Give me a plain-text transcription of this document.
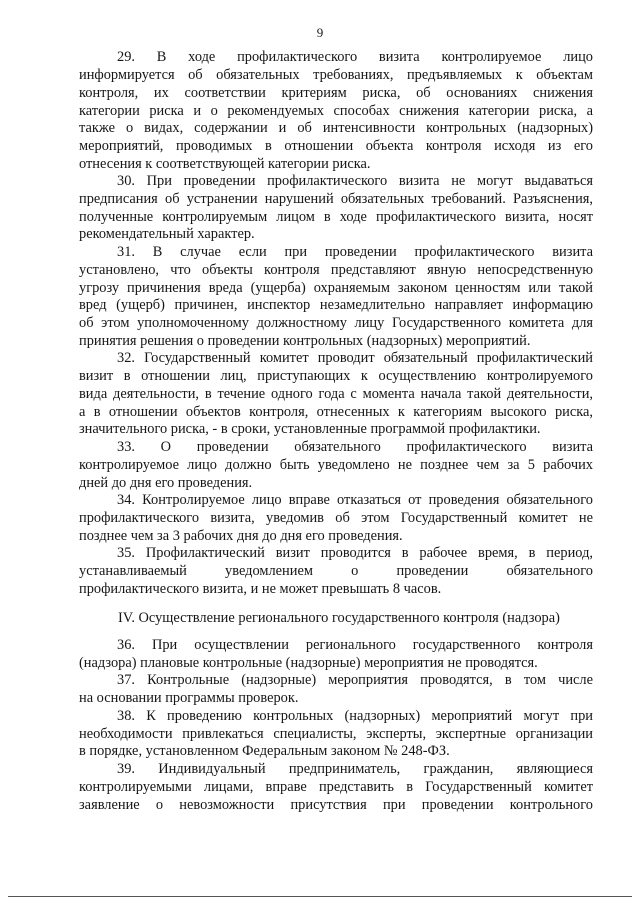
9
29. В ходе профилактического визита контролируемое лицо
информируется об обязательных требованиях, предъявляемых к объектам
контроля, их соответствии критериям риска, об основаниях снижения
категории риска и о рекомендуемых способах снижения категории риска, а
также о видах, содержании и об интенсивности контрольных (надзорных)
мероприятий, проводимых в отношении объекта контроля исходя из его
отнесения к соответствующей категории риска.
30. При проведении профилактического визита не могут выдаваться
предписания об устранении нарушений обязательных требований. Разъяснения,
полученные контролируемым лицом в ходе профилактического визита, носят
рекомендательный характер.
31. В случае если при проведении профилактического визита
установлено, что объекты контроля представляют явную непосредственную
угрозу причинения вреда (ущерба) охраняемым законом ценностям или такой
вред (ущерб) причинен, инспектор незамедлительно направляет информацию
об этом уполномоченному должностному лицу Государственного комитета для
принятия решения о проведении контрольных (надзорных) мероприятий.
32. Государственный комитет проводит обязательный профилактический
визит в отношении лиц, приступающих к осуществлению контролируемого
вида деятельности, в течение одного года с момента начала такой деятельности,
а в отношении объектов контроля, отнесенных к категориям высокого риска,
значительного риска, - в сроки, установленные программой профилактики.
33. О проведении обязательного профилактического визита
контролируемое лицо должно быть уведомлено не позднее чем за 5 рабочих
дней до дня его проведения.
34. Контролируемое лицо вправе отказаться от проведения обязательного
профилактического визита, уведомив об этом Государственный комитет не
позднее чем за 3 рабочих дня до дня его проведения.
35. Профилактический визит проводится в рабочее время, в период,
устанавливаемый уведомлением о проведении обязательного
профилактического визита, и не может превышать 8 часов.
36. При осуществлении регионального государственного контроля
(надзора) плановые контрольные (надзорные) мероприятия не проводятся.
37. Контрольные (надзорные) мероприятия проводятся, в том числе
на основании программы проверок.
38. К проведению контрольных (надзорных) мероприятий могут при
необходимости привлекаться специалисты, эксперты, экспертные организации
в порядке, установленном Федеральным законом № 248-ФЗ.
39. Индивидуальный предприниматель, гражданин, являющиеся
контролируемыми лицами, вправе представить в Государственный комитет
заявление о невозможности присутствия при проведении контрольного
IV. Осуществление регионального государственного контроля (надзора)
